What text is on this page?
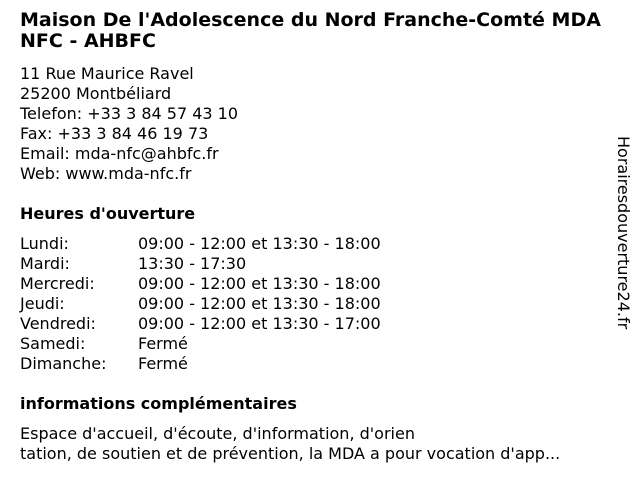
Maison De l'Adolescence du Nord Franche-Comté MDA NFC - AHBFC
11 Rue Maurice Ravel
25200 Montbéliard
Telefon: +33 3 84 57 43 10
Fax: +33 3 84 46 19 73
Email: mda-nfc@ahbfc.fr
Web: www.mda-nfc.fr
Heures d'ouverture
Lundi:	09:00 - 12:00 et 13:30 - 18:00
Mardi:	13:30 - 17:30
Mercredi:	09:00 - 12:00 et 13:30 - 18:00
Jeudi:	09:00 - 12:00 et 13:30 - 18:00
Vendredi:	09:00 - 12:00 et 13:30 - 17:00
Samedi:	Fermé
Dimanche:	Fermé
informations complémentaires
Espace d'accueil, d'écoute, d'information, d'orien
tation, de soutien et de prévention, la MDA a pour vocation d'app...
Horairesdouverture24.fr
